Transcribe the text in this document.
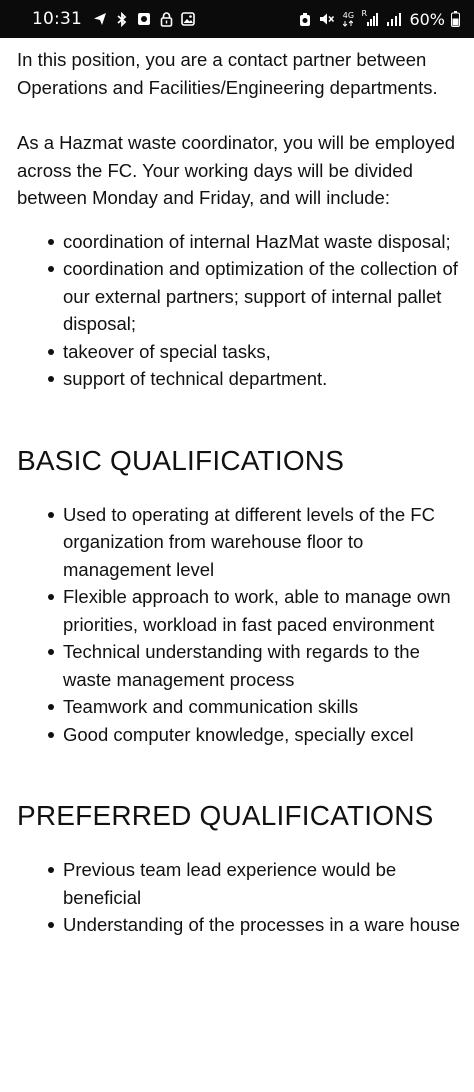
10:31	4G R	60%

In this position, you are a contact partner between Operations and Facilities/Engineering departments.

As a Hazmat waste coordinator, you will be employed across the FC. Your working days will be divided between Monday and Friday, and will include:

coordination of internal HazMat waste disposal;
coordination and optimization of the collection of our external partners; support of internal pallet disposal;
takeover of special tasks,
support of technical department.
BASIC QUALIFICATIONS
Used to operating at different levels of the FC organization from warehouse floor to management level
Flexible approach to work, able to manage own priorities, workload in fast paced environment
Technical understanding with regards to the waste management process
Teamwork and communication skills
Good computer knowledge, specially excel
PREFERRED QUALIFICATIONS
Previous team lead experience would be beneficial
Understanding of the processes in a ware house
